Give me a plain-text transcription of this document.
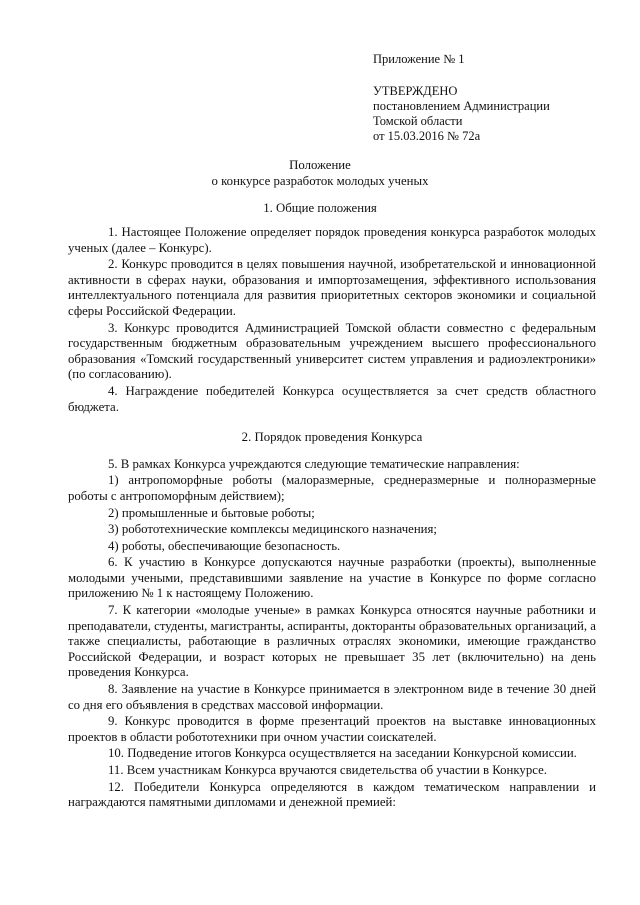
Приложение № 1
УТВЕРЖДЕНО
постановлением Администрации
Томской области
от 15.03.2016 № 72а
Положение
о конкурсе разработок молодых ученых
1. Общие положения

1. Настоящее Положение определяет порядок проведения конкурса разработок молодых ученых (далее – Конкурс).

2. Конкурс проводится в целях повышения научной, изобретательской и инновационной активности в сферах науки, образования и импортозамещения, эффективного использования интеллектуального потенциала для развития приоритетных секторов экономики и социальной сферы Российской Федерации.

3. Конкурс проводится Администрацией Томской области совместно с федеральным государственным бюджетным образовательным учреждением высшего профессионального образования «Томский государственный университет систем управления и радиоэлектроники» (по согласованию).

4. Награждение победителей Конкурса осуществляется за счет средств областного бюджета.

2. Порядок проведения Конкурса

5. В рамках Конкурса учреждаются следующие тематические направления:

1) антропоморфные роботы (малоразмерные, среднеразмерные и полноразмерные роботы с антропоморфным действием);

2) промышленные и бытовые роботы;

3) робототехнические комплексы медицинского назначения;

4) роботы, обеспечивающие безопасность.

6. К участию в Конкурсе допускаются научные разработки (проекты), выполненные молодыми учеными, представившими заявление на участие в Конкурсе по форме согласно приложению № 1 к настоящему Положению.

7. К категории «молодые ученые» в рамках Конкурса относятся научные работники и преподаватели, студенты, магистранты, аспиранты, докторанты образовательных организаций, а также специалисты, работающие в различных отраслях экономики, имеющие гражданство Российской Федерации, и возраст которых не превышает 35 лет (включительно) на день проведения Конкурса.

8. Заявление на участие в Конкурсе принимается в электронном виде в течение 30 дней со дня его объявления в средствах массовой информации.

9. Конкурс проводится в форме презентаций проектов на выставке инновационных проектов в области робототехники при очном участии соискателей.

10. Подведение итогов Конкурса осуществляется на заседании Конкурсной комиссии.

11. Всем участникам Конкурса вручаются свидетельства об участии в Конкурсе.

12. Победители Конкурса определяются в каждом тематическом направлении и награждаются памятными дипломами и денежной премией:
